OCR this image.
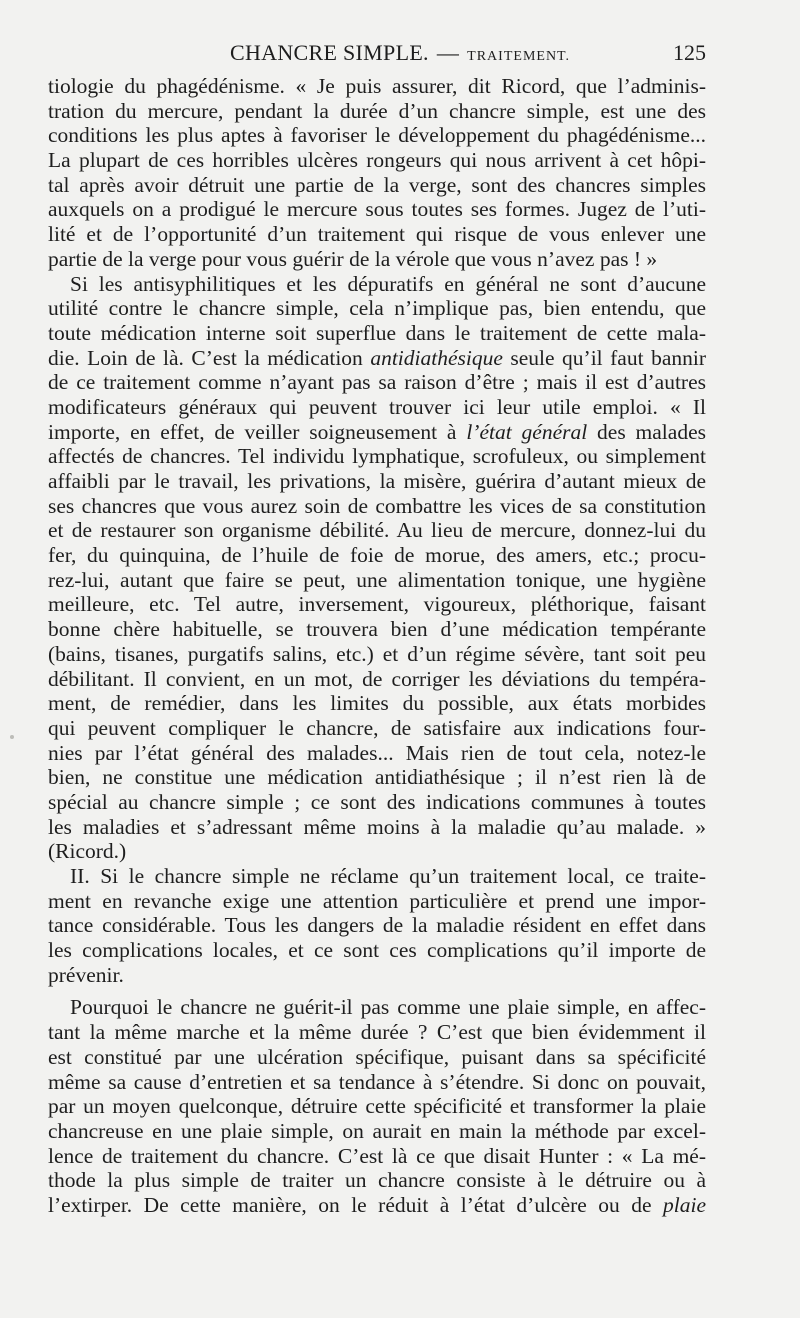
CHANCRE SIMPLE. — TRAITEMENT.	125
tiologie du phagédénisme. « Je puis assurer, dit Ricord, que l’adminis-
tration du mercure, pendant la durée d’un chancre simple, est une des
conditions les plus aptes à favoriser le développement du phagédénisme...
La plupart de ces horribles ulcères rongeurs qui nous arrivent à cet hôpi-
tal après avoir détruit une partie de la verge, sont des chancres simples
auxquels on a prodigué le mercure sous toutes ses formes. Jugez de l’uti-
lité et de l’opportunité d’un traitement qui risque de vous enlever une
partie de la verge pour vous guérir de la vérole que vous n’avez pas ! »
Si les antisyphilitiques et les dépuratifs en général ne sont d’aucune
utilité contre le chancre simple, cela n’implique pas, bien entendu, que
toute médication interne soit superflue dans le traitement de cette mala-
die. Loin de là. C’est la médication antidiathésique seule qu’il faut bannir
de ce traitement comme n’ayant pas sa raison d’être ; mais il est d’autres
modificateurs généraux qui peuvent trouver ici leur utile emploi. « Il
importe, en effet, de veiller soigneusement à l’état général des malades
affectés de chancres. Tel individu lymphatique, scrofuleux, ou simplement
affaibli par le travail, les privations, la misère, guérira d’autant mieux de
ses chancres que vous aurez soin de combattre les vices de sa constitution
et de restaurer son organisme débilité. Au lieu de mercure, donnez-lui du
fer, du quinquina, de l’huile de foie de morue, des amers, etc.; procu-
rez-lui, autant que faire se peut, une alimentation tonique, une hygiène
meilleure, etc. Tel autre, inversement, vigoureux, pléthorique, faisant
bonne chère habituelle, se trouvera bien d’une médication tempérante
(bains, tisanes, purgatifs salins, etc.) et d’un régime sévère, tant soit peu
débilitant. Il convient, en un mot, de corriger les déviations du tempéra-
ment, de remédier, dans les limites du possible, aux états morbides
qui peuvent compliquer le chancre, de satisfaire aux indications four-
nies par l’état général des malades... Mais rien de tout cela, notez-le
bien, ne constitue une médication antidiathésique ; il n’est rien là de
spécial au chancre simple ; ce sont des indications communes à toutes
les maladies et s’adressant même moins à la maladie qu’au malade. »
(Ricord.)
II. Si le chancre simple ne réclame qu’un traitement local, ce traite-
ment en revanche exige une attention particulière et prend une impor-
tance considérable. Tous les dangers de la maladie résident en effet dans
les complications locales, et ce sont ces complications qu’il importe de
prévenir.
Pourquoi le chancre ne guérit-il pas comme une plaie simple, en affec-
tant la même marche et la même durée ? C’est que bien évidemment il
est constitué par une ulcération spécifique, puisant dans sa spécificité
même sa cause d’entretien et sa tendance à s’étendre. Si donc on pouvait,
par un moyen quelconque, détruire cette spécificité et transformer la plaie
chancreuse en une plaie simple, on aurait en main la méthode par excel-
lence de traitement du chancre. C’est là ce que disait Hunter : « La mé-
thode la plus simple de traiter un chancre consiste à le détruire ou à
l’extirper. De cette manière, on le réduit à l’état d’ulcère ou de plaie
